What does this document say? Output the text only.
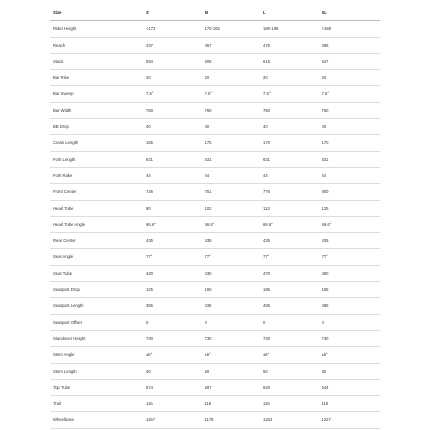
Size	S	M	L	XL
Rider Height	<172	170-182	180-188	>188
Reach	437	457	476	496
Stack	594	605	615	627
Bar Rise	20	20	20	20
Bar Sweep	7.5°	7.5°	7.5°	7.5°
Bar Width	760	760	760	760
BB Drop	40	40	40	40
Crank Length	165	170	170	170
Fork Length	631	631	631	631
Fork Rake	44	44	44	44
Front Center	726	751	776	800
Head Tube	90	102	113	125
Head Tube Angle	66.6°	66.6°	66.6°	66.6°
Rear Center	435	435	435	435
Seat Angle	77°	77°	77°	77°
Seat Tube	420	430	470	490
Seatpost Drop	125	160	185	185
Seatpost Length	365	435	485	485
Seatpost Offset	0	0	0	0
Standover Height	730	730	730	730
Stem Angle	±6°	±6°	±6°	±6°
Stem Length	40	50	50	60
Top Tube	574	597	620	644
Trail	116	116	116	116
Wheelbase	1157	1178	1202	1227
